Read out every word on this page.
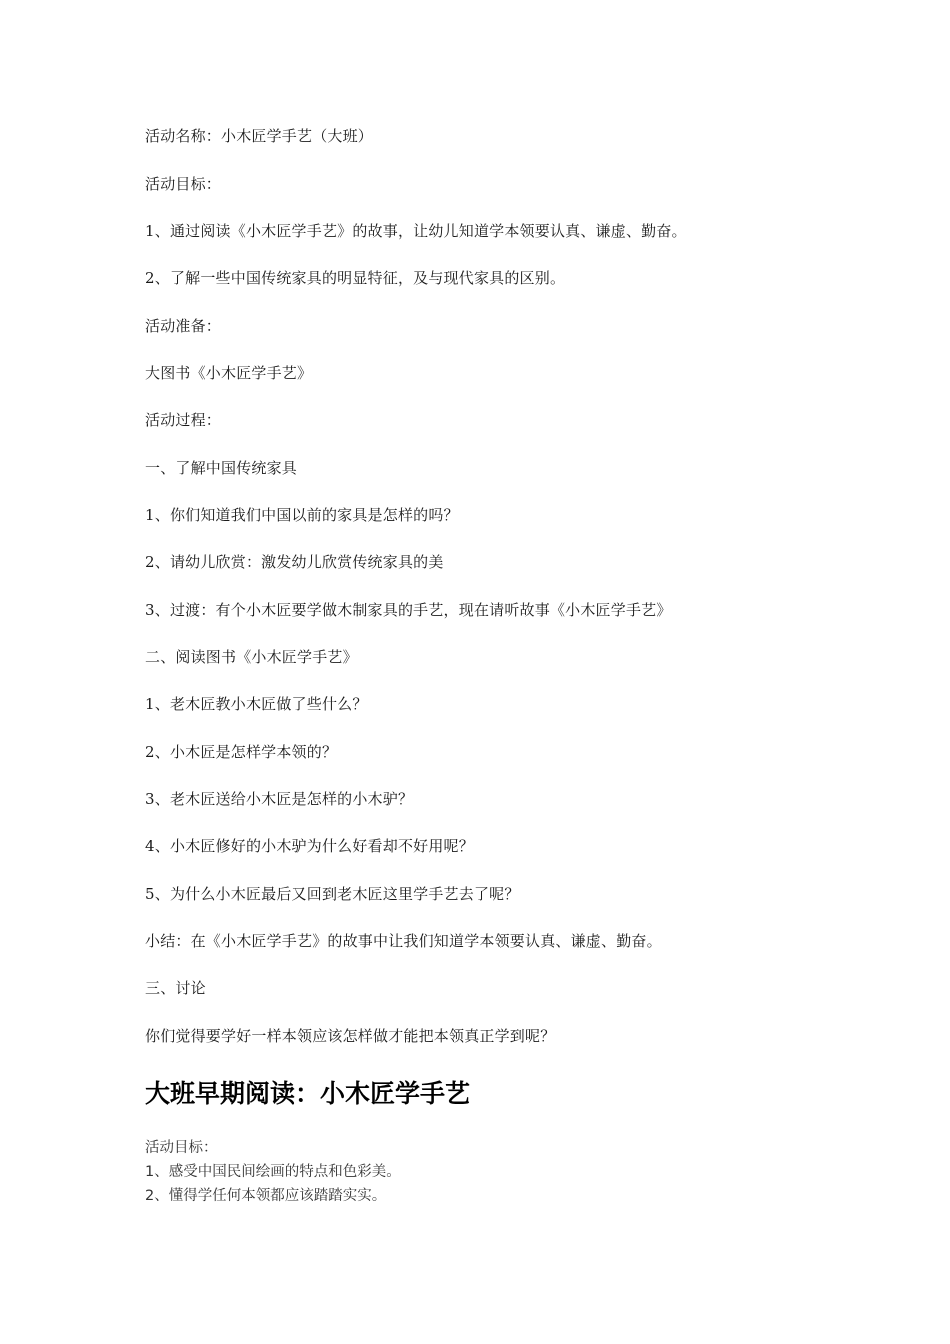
活动名称：小木匠学手艺（大班）
活动目标：
1、通过阅读《小木匠学手艺》的故事，让幼儿知道学本领要认真、谦虚、勤奋。
2、了解一些中国传统家具的明显特征，及与现代家具的区别。
活动准备：
大图书《小木匠学手艺》
活动过程：
一、了解中国传统家具
1、你们知道我们中国以前的家具是怎样的吗？
2、请幼儿欣赏：激发幼儿欣赏传统家具的美
3、过渡：有个小木匠要学做木制家具的手艺，现在请听故事《小木匠学手艺》
二、阅读图书《小木匠学手艺》
1、老木匠教小木匠做了些什么？
2、小木匠是怎样学本领的？
3、老木匠送给小木匠是怎样的小木驴？
4、小木匠修好的小木驴为什么好看却不好用呢？
5、为什么小木匠最后又回到老木匠这里学手艺去了呢？
小结：在《小木匠学手艺》的故事中让我们知道学本领要认真、谦虚、勤奋。
三、讨论
你们觉得要学好一样本领应该怎样做才能把本领真正学到呢？
大班早期阅读：小木匠学手艺
活动目标：
1、感受中国民间绘画的特点和色彩美。
2、懂得学任何本领都应该踏踏实实。
